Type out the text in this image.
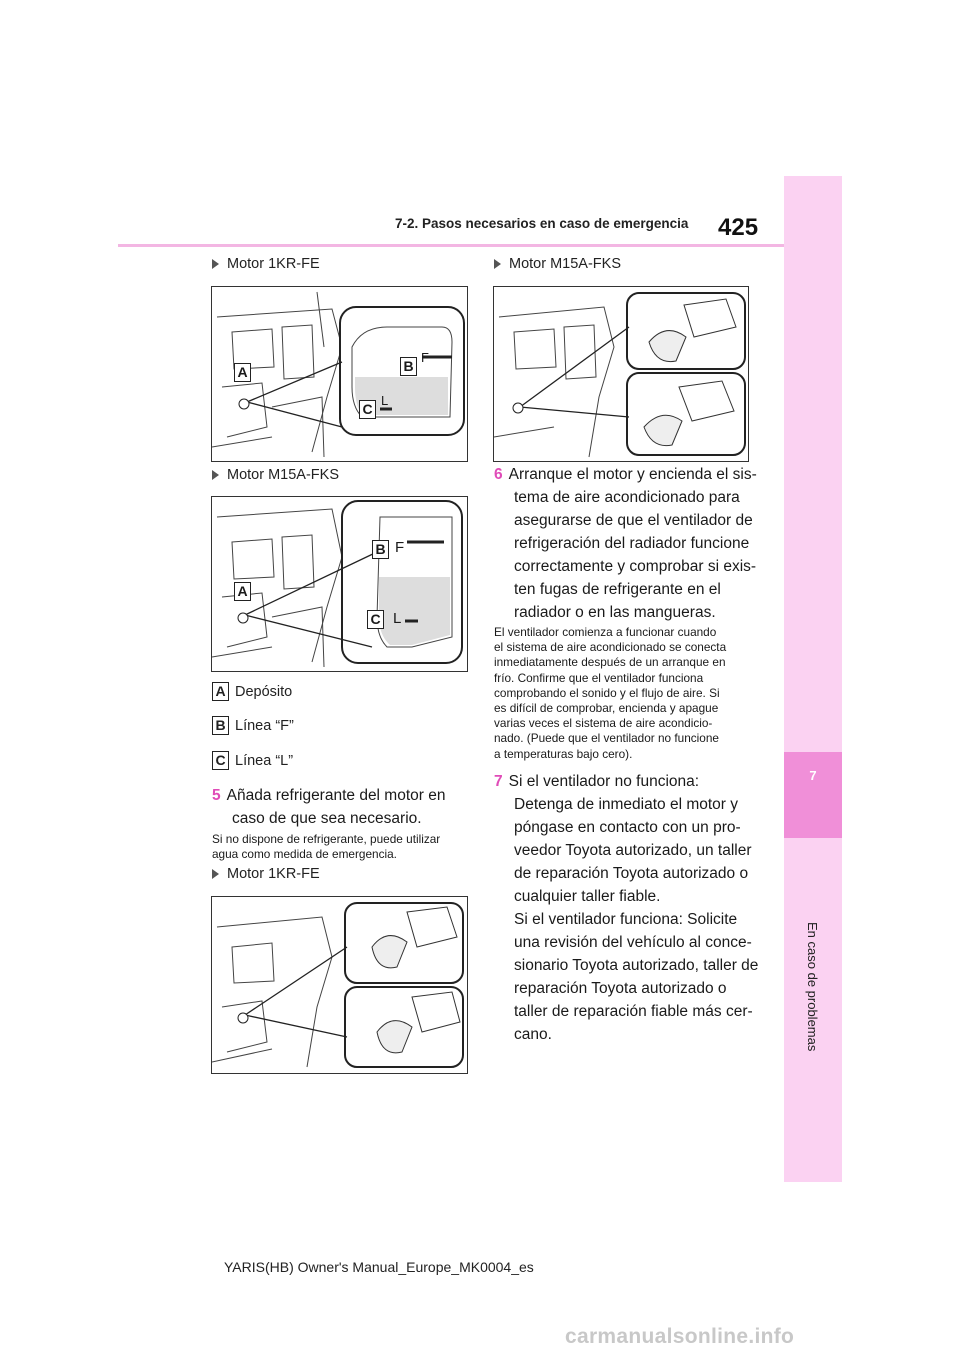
7-2. Pasos necesarios en caso de emergencia	425
7
En caso de problemas
Motor 1KR-FE
A	B
C
F
L
Motor M15A-FKS
A
B
C
F
L
A Depósito
B Línea “F”
C Línea “L”
5 Añada refrigerante del motor en
caso de que sea necesario.
Si no dispone de refrigerante, puede utilizar
agua como medida de emergencia.
Motor 1KR-FE
Motor M15A-FKS
6 Arranque el motor y encienda el sis-
tema de aire acondicionado para
asegurarse de que el ventilador de
refrigeración del radiador funcione
correctamente y comprobar si exis-
ten fugas de refrigerante en el
radiador o en las mangueras.
El ventilador comienza a funcionar cuando
el sistema de aire acondicionado se conecta
inmediatamente después de un arranque en
frío. Confirme que el ventilador funciona
comprobando el sonido y el flujo de aire. Si
es difícil de comprobar, encienda y apague
varias veces el sistema de aire acondicio-
nado. (Puede que el ventilador no funcione
a temperaturas bajo cero).
7 Si el ventilador no funciona:
Detenga de inmediato el motor y
póngase en contacto con un pro-
veedor Toyota autorizado, un taller
de reparación Toyota autorizado o
cualquier taller fiable.
Si el ventilador funciona: Solicite
una revisión del vehículo al conce-
sionario Toyota autorizado, taller de
reparación Toyota autorizado o
taller de reparación fiable más cer-
cano.
YARIS(HB) Owner's Manual_Europe_MK0004_es
carmanualsonline.info
